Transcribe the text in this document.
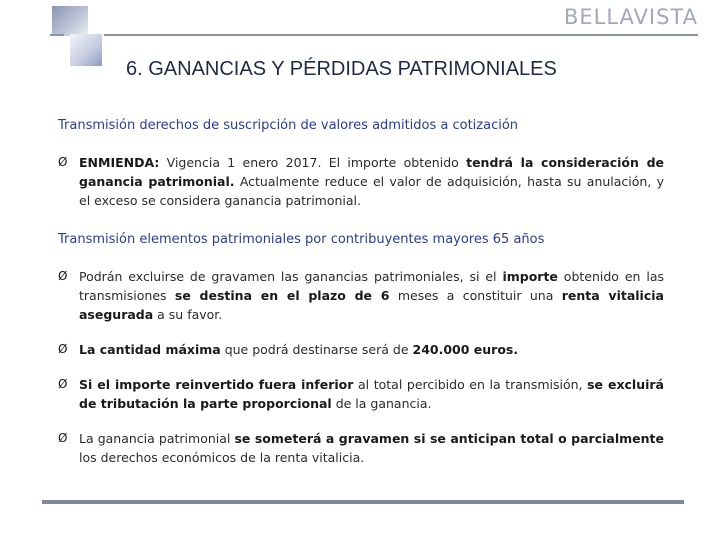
BELLAVISTA
6. GANANCIAS Y PÉRDIDAS PATRIMONIALES
Transmisión derechos de suscripción de valores admitidos a cotización
Ø ENMIENDA: Vigencia 1 enero 2017. El importe obtenido tendrá la consideración de ganancia patrimonial. Actualmente reduce el valor de adquisición, hasta su anulación, y el exceso se considera ganancia patrimonial.
Transmisión elementos patrimoniales por contribuyentes mayores 65 años
Ø Podrán excluirse de gravamen las ganancias patrimoniales, si el importe obtenido en las transmisiones se destina en el plazo de 6 meses a constituir una renta vitalicia asegurada a su favor.
Ø La cantidad máxima que podrá destinarse será de 240.000 euros.
Ø Si el importe reinvertido fuera inferior al total percibido en la transmisión, se excluirá de tributación la parte proporcional de la ganancia.
Ø La ganancia patrimonial se someterá a gravamen si se anticipan total o parcialmente los derechos económicos de la renta vitalicia.
